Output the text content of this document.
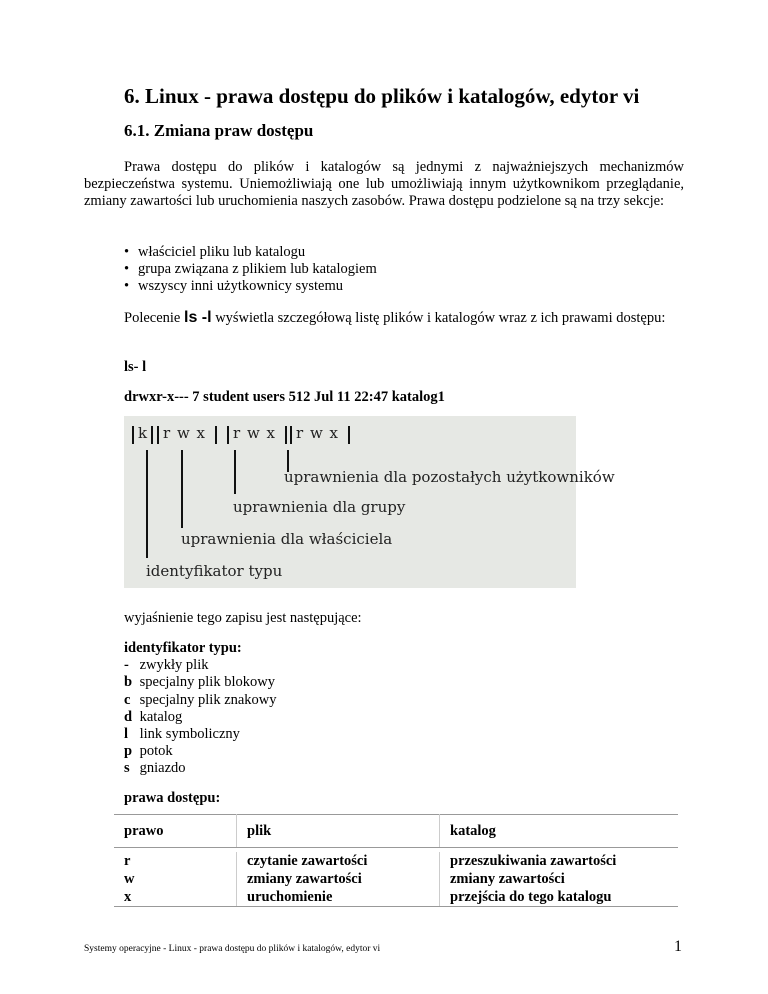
6. Linux - prawa dostępu do plików i katalogów, edytor vi
6.1. Zmiana praw dostępu
Prawa dostępu do plików i katalogów są jednymi z najważniejszych mechanizmów bezpieczeństwa systemu. Uniemożliwiają one lub umożliwiają innym użytkownikom przeglądanie, zmiany zawartości lub uruchomienia naszych zasobów. Prawa dostępu podzielone są na trzy sekcje:
• właściciel pliku lub katalogu
• grupa związana z plikiem lub katalogiem
• wszyscy inni użytkownicy systemu
Polecenie ls -l wyświetla szczegółową listę plików i katalogów wraz z ich prawami dostępu:
ls- l
drwxr-x--- 7 student users 512 Jul 11 22:47 katalog1
k r w x r w x r w x
uprawnienia dla pozostałych użytkowników
uprawnienia dla grupy
uprawnienia dla właściciela
identyfikator typu
wyjaśnienie tego zapisu jest następujące:
identyfikator typu:
- zwykły plik
b specjalny plik blokowy
c specjalny plik znakowy
d katalog
l link symboliczny
p potok
s gniazdo
prawa dostępu:
prawo	plik	katalog

r	czytanie zawartości	przeszukiwania zawartości
w	zmiany zawartości	zmiany zawartości
x	uruchomienie	przejścia do tego katalogu
Systemy operacyjne - Linux - prawa dostępu do plików i katalogów, edytor vi	1
